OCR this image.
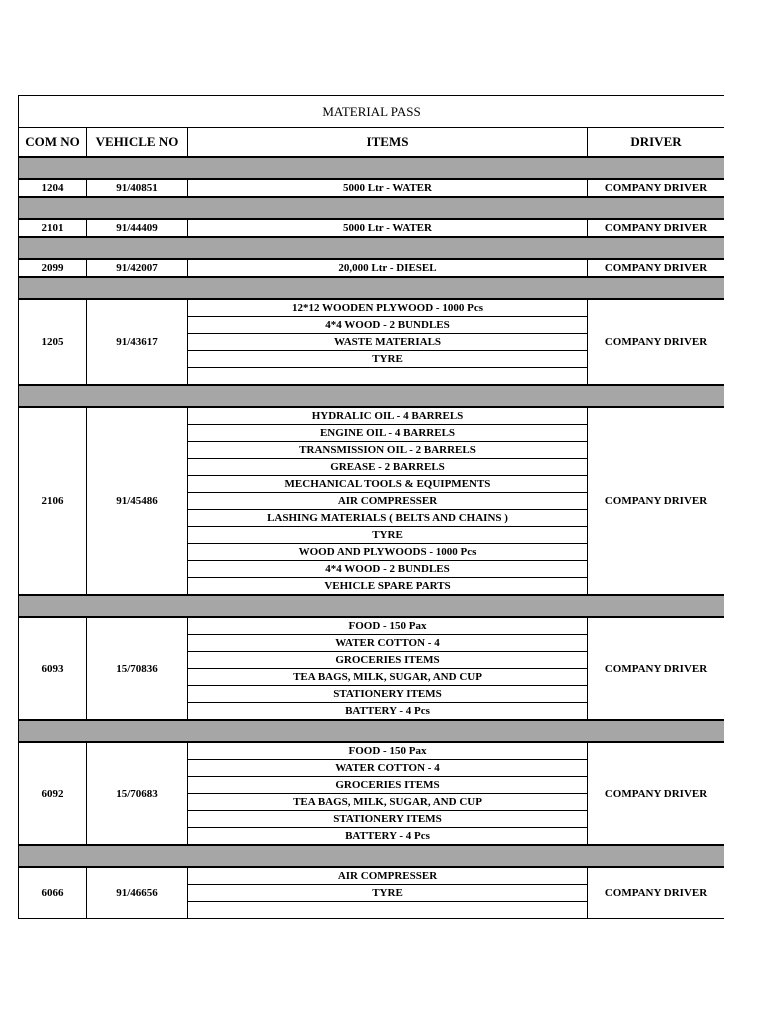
MATERIAL PASS			
COM NO	VEHICLE NO	ITEMS	DRIVER

1204	91/40851	5000 Ltr - WATER	COMPANY DRIVER

2101	91/44409	5000 Ltr - WATER	COMPANY DRIVER

2099	91/42007	20,000 Ltr - DIESEL	COMPANY DRIVER

1205	91/43617	12*12 WOODEN PLYWOOD - 1000 Pcs	COMPANY DRIVER
		4*4 WOOD - 2 BUNDLES	
		WASTE MATERIALS	
		TYRE	

2106	91/45486	HYDRALIC OIL - 4 BARRELS	COMPANY DRIVER
		ENGINE OIL - 4 BARRELS	
		TRANSMISSION OIL - 2 BARRELS	
		GREASE - 2 BARRELS	
		MECHANICAL TOOLS & EQUIPMENTS	
		AIR COMPRESSER	
		LASHING MATERIALS ( BELTS AND CHAINS )	
		TYRE	
		WOOD AND PLYWOODS - 1000 Pcs	
		4*4 WOOD - 2 BUNDLES	
		VEHICLE SPARE PARTS	

6093	15/70836	FOOD - 150 Pax	COMPANY DRIVER
		WATER COTTON - 4	
		GROCERIES ITEMS	
		TEA BAGS, MILK, SUGAR, AND CUP	
		STATIONERY ITEMS	
		BATTERY - 4 Pcs	

6092	15/70683	FOOD - 150 Pax	COMPANY DRIVER
		WATER COTTON - 4	
		GROCERIES ITEMS	
		TEA BAGS, MILK, SUGAR, AND CUP	
		STATIONERY ITEMS	
		BATTERY - 4 Pcs	

6066	91/46656	AIR COMPRESSER	COMPANY DRIVER
		TYRE	
